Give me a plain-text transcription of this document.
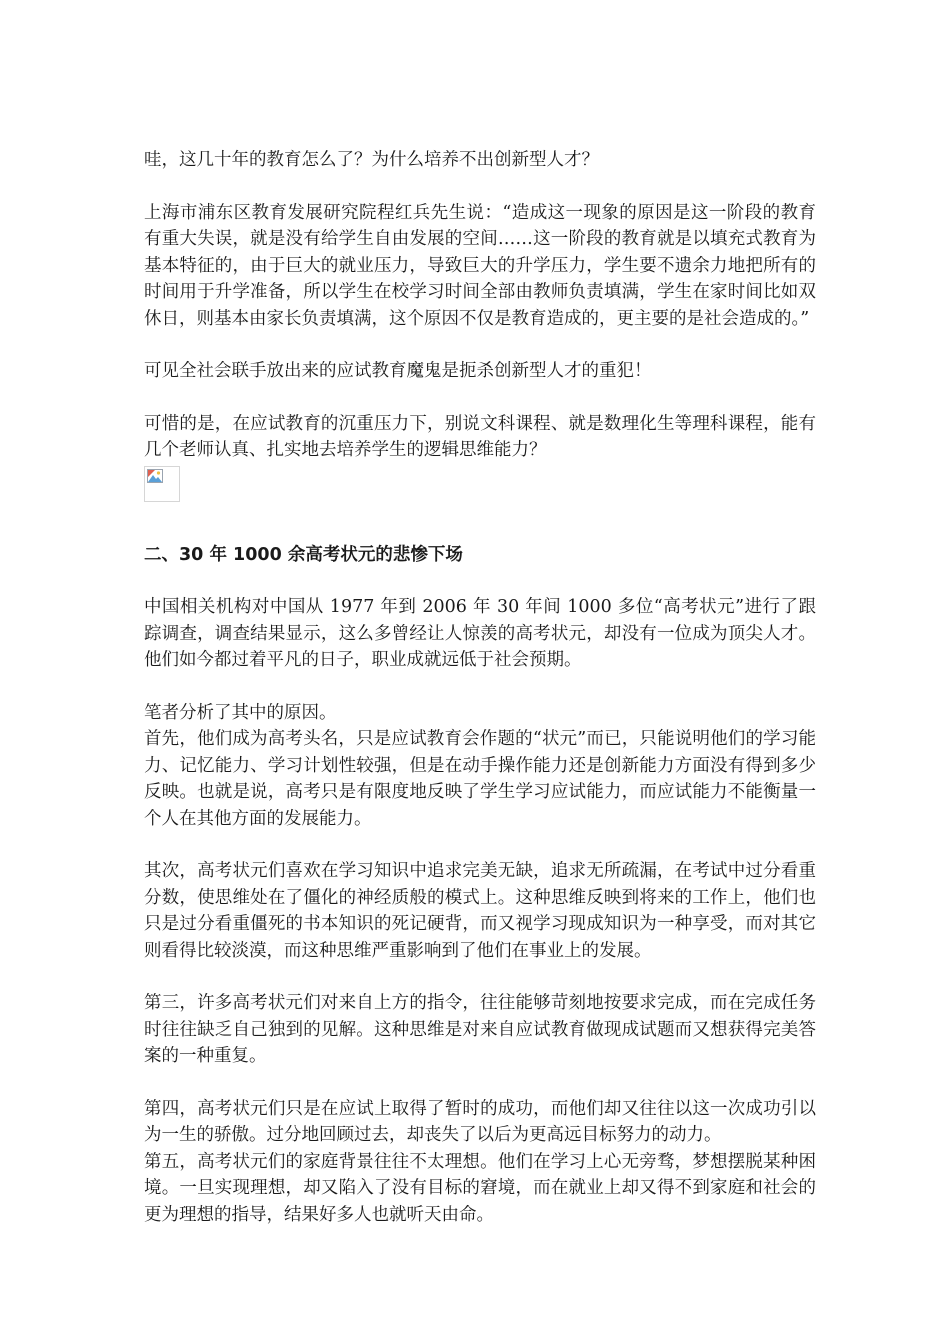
哇，这几十年的教育怎么了？为什么培养不出创新型人才？

上海市浦东区教育发展研究院程红兵先生说：“造成这一现象的原因是这一阶段的教育有重大失误，就是没有给学生自由发展的空间……这一阶段的教育就是以填充式教育为基本特征的，由于巨大的就业压力，导致巨大的升学压力，学生要不遗余力地把所有的时间用于升学准备，所以学生在校学习时间全部由教师负责填满，学生在家时间比如双休日，则基本由家长负责填满，这个原因不仅是教育造成的，更主要的是社会造成的。”

可见全社会联手放出来的应试教育魔鬼是扼杀创新型人才的重犯！

可惜的是，在应试教育的沉重压力下，别说文科课程、就是数理化生等理科课程，能有几个老师认真、扎实地去培养学生的逻辑思维能力？

二、30 年 1000 余高考状元的悲惨下场

中国相关机构对中国从 1977 年到 2006 年 30 年间 1000 多位“高考状元”进行了跟踪调查，调查结果显示，这么多曾经让人惊羡的高考状元，却没有一位成为顶尖人才。他们如今都过着平凡的日子，职业成就远低于社会预期。

笔者分析了其中的原因。

首先，他们成为高考头名，只是应试教育会作题的“状元”而已，只能说明他们的学习能力、记忆能力、学习计划性较强，但是在动手操作能力还是创新能力方面没有得到多少反映。也就是说，高考只是有限度地反映了学生学习应试能力，而应试能力不能衡量一个人在其他方面的发展能力。

其次，高考状元们喜欢在学习知识中追求完美无缺，追求无所疏漏，在考试中过分看重分数，使思维处在了僵化的神经质般的模式上。这种思维反映到将来的工作上，他们也只是过分看重僵死的书本知识的死记硬背，而又视学习现成知识为一种享受，而对其它则看得比较淡漠，而这种思维严重影响到了他们在事业上的发展。

第三，许多高考状元们对来自上方的指令，往往能够苛刻地按要求完成，而在完成任务时往往缺乏自己独到的见解。这种思维是对来自应试教育做现成试题而又想获得完美答案的一种重复。

第四，高考状元们只是在应试上取得了暂时的成功，而他们却又往往以这一次成功引以为一生的骄傲。过分地回顾过去，却丧失了以后为更高远目标努力的动力。

第五，高考状元们的家庭背景往往不太理想。他们在学习上心无旁骛，梦想摆脱某种困境。一旦实现理想，却又陷入了没有目标的窘境，而在就业上却又得不到家庭和社会的更为理想的指导，结果好多人也就听天由命。
